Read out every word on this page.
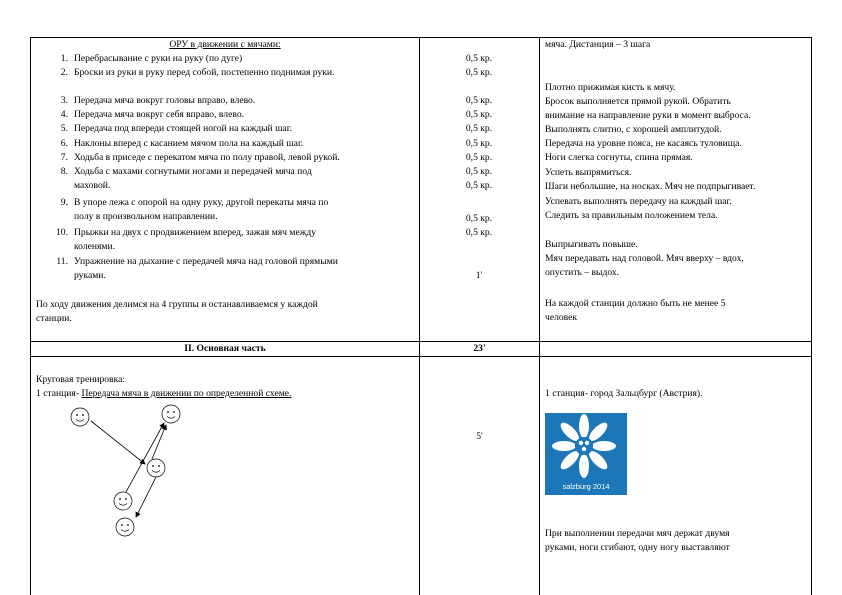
ОРУ в движении с мячами:
1. Перебрасывание с руки на руку (по дуге)
2. Броски из руки в руку перед собой, постепенно поднимая руки.
3. Передача мяча вокруг головы вправо, влево.
4. Передача мяча вокруг себя вправо, влево.
5. Передача под впереди стоящей ногой на каждый шаг.
6. Наклоны вперед с касанием мячом пола на каждый шаг.
7. Ходьба в приседе с перекатом мяча по полу правой, левой рукой.
8. Ходьба с махами согнутыми ногами и передачей мяча под
маховой.
9. В упоре лежа с опорой на одну руку, другой перекаты мяча по
полу в произвольном направлении.
10. Прыжки на двух с продвижением вперед, зажав мяч между
коленями.
11. Упражнение на дыхание с передачей мяча над головой прямыми
руками.
По ходу движения делимся на 4 группы и останавливаемся у каждой
станции.
0,5 кр.
0,5 кр.
0,5 кр.
0,5 кр.
0,5 кр.
0,5 кр.
0,5 кр.
0,5 кр.
0,5 кр.
0,5 кр.
0,5 кр.
1'
мяча. Дистанция – 3 шага
Плотно прижимая кисть к мячу.
Бросок выполняется прямой рукой. Обратить
внимание на направление руки в момент выброса.
Выполнять слитно, с хорошей амплитудой.
Передача на уровне пояса, не касаясь туловища.
Ноги слегка согнуты, спина прямая.
Успеть выпрямиться.
Шаги небольшие, на носках. Мяч не подпрыгивает.
Успевать выполнять передачу на каждый шаг.
Следить за правильным положением тела.
Выпрыгивать повыше.
Мяч передавать над головой. Мяч вверху – вдох,
опустить – выдох.
На каждой станции должно быть не менее 5
человек
II. Основная часть	23'
Круговая тренировка:
1 станция- Передача мяча в движении по определенной схеме.
5'
1 станция- город Зальцбург (Австрия).
При выполнении передачи мяч держат двумя
руками, ноги сгибают, одну ногу выставляют
salzburg 2014
